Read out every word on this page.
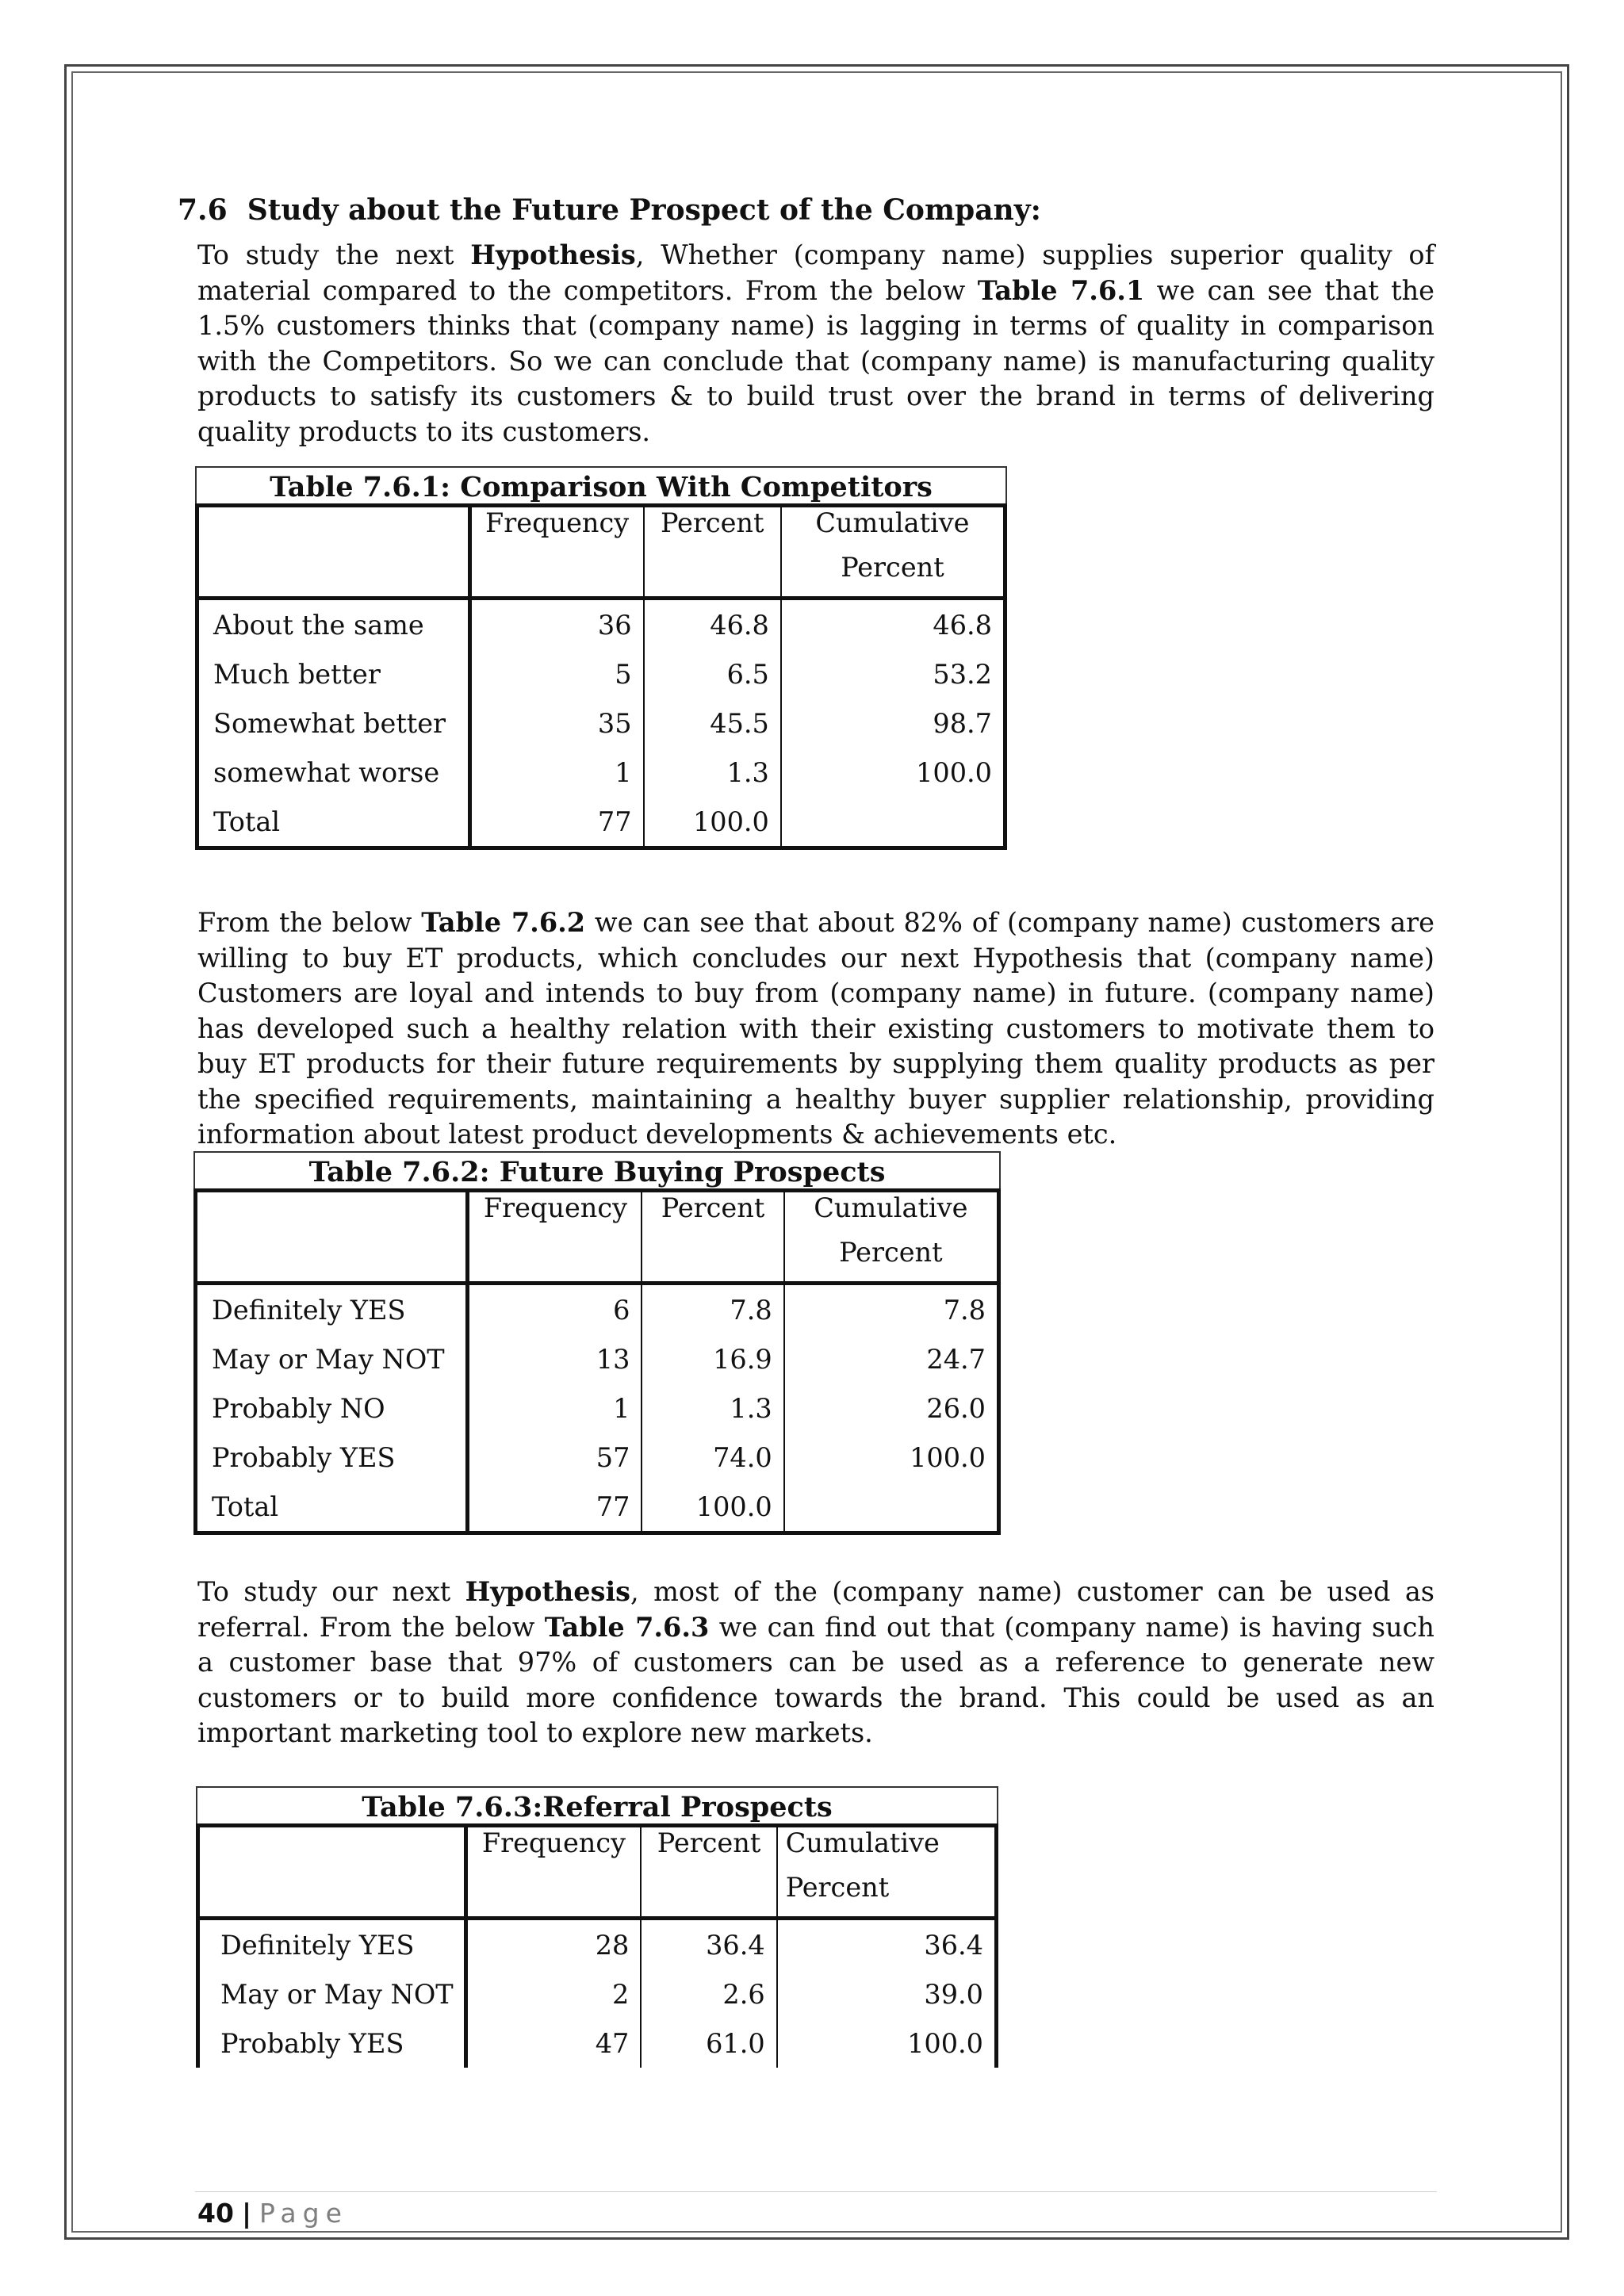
7.6 Study about the Future Prospect of the Company:

To study the next Hypothesis, Whether (company name) supplies superior quality of material compared to the competitors. From the below Table 7.6.1 we can see that the 1.5% customers thinks that (company name) is lagging in terms of quality in comparison with the Competitors. So we can conclude that (company name) is manufacturing quality products to satisfy its customers & to build trust over the brand in terms of delivering quality products to its customers.

Table 7.6.1: Comparison With Competitors
	Frequency	Percent	Cumulative
			Percent
About the same	36	46.8	46.8
Much better	5	6.5	53.2
Somewhat better	35	45.5	98.7
somewhat worse	1	1.3	100.0
Total	77	100.0	

From the below Table 7.6.2 we can see that about 82% of (company name) customers are willing to buy ET products, which concludes our next Hypothesis that (company name) Customers are loyal and intends to buy from (company name) in future. (company name) has developed such a healthy relation with their existing customers to motivate them to buy ET products for their future requirements by supplying them quality products as per the specified requirements, maintaining a healthy buyer supplier relationship, providing information about latest product developments & achievements etc.

Table 7.6.2: Future Buying Prospects
	Frequency	Percent	Cumulative
			Percent
Definitely YES	6	7.8	7.8
May or May NOT	13	16.9	24.7
Probably NO	1	1.3	26.0
Probably YES	57	74.0	100.0
Total	77	100.0	

To study our next Hypothesis, most of the (company name) customer can be used as referral. From the below Table 7.6.3 we can find out that (company name) is having such a customer base that 97% of customers can be used as a reference to generate new customers or to build more confidence towards the brand. This could be used as an important marketing tool to explore new markets.

Table 7.6.3:Referral Prospects
	Frequency	Percent	Cumulative
			Percent
Definitely YES	28	36.4	36.4
May or May NOT	2	2.6	39.0
Probably YES	47	61.0	100.0
40 | Page
